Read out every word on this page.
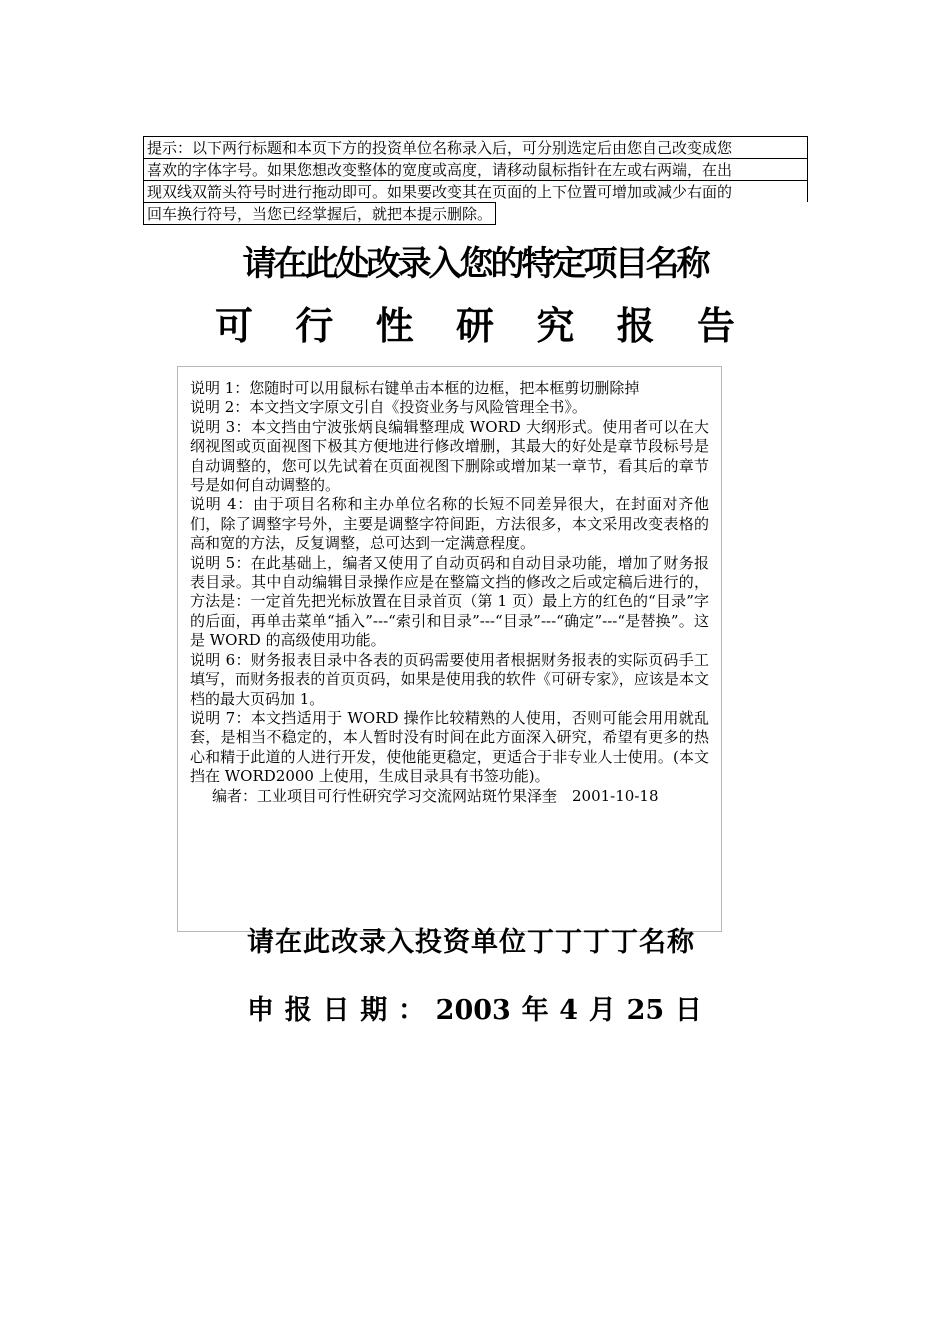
提示：以下两行标题和本页下方的投资单位名称录入后，可分别选定后由您自己改变成您
喜欢的字体字号。如果您想改变整体的宽度或高度，请移动鼠标指针在左或右两端，在出
现双线双箭头符号时进行拖动即可。如果要改变其在页面的上下位置可增加或减少右面的
回车换行符号，当您已经掌握后，就把本提示删除。
请在此处改录入您的特定项目名称
可 行 性 研 究 报 告

说明 1：您随时可以用鼠标右键单击本框的边框，把本框剪切删除掉

说明 2：本文挡文字原文引自《投资业务与风险管理全书》。

说明 3：本文挡由宁波张炳良编辑整理成 WORD 大纲形式。使用者可以在大纲视图或页面视图下极其方便地进行修改增删，其最大的好处是章节段标号是自动调整的，您可以先试着在页面视图下删除或增加某一章节，看其后的章节号是如何自动调整的。

说明 4：由于项目名称和主办单位名称的长短不同差异很大，在封面对齐他们，除了调整字号外，主要是调整字符间距，方法很多，本文采用改变表格的高和宽的方法，反复调整，总可达到一定满意程度。

说明 5：在此基础上，编者又使用了自动页码和自动目录功能，增加了财务报表目录。其中自动编辑目录操作应是在整篇文挡的修改之后或定稿后进行的，方法是：一定首先把光标放置在目录首页（第 1 页）最上方的红色的“目录”字的后面，再单击菜单“插入”---“索引和目录”---“目录”---“确定”---“是替换”。这是 WORD 的高级使用功能。

说明 6：财务报表目录中各表的页码需要使用者根据财务报表的实际页码手工填写，而财务报表的首页页码，如果是使用我的软件《可研专家》，应该是本文档的最大页码加 1。

说明 7：本文挡适用于 WORD 操作比较精熟的人使用，否则可能会用用就乱套，是相当不稳定的，本人暂时没有时间在此方面深入研究，希望有更多的热心和精于此道的人进行开发，使他能更稳定，更适合于非专业人士使用。(本文挡在 WORD2000 上使用，生成目录具有书签功能)。

编者：工业项目可行性研究学习交流网站斑竹果泽奎　2001-10-18

请在此改录入投资单位丁丁丁丁名称
申 报 日 期 ： 2003 年 4 月 25 日
